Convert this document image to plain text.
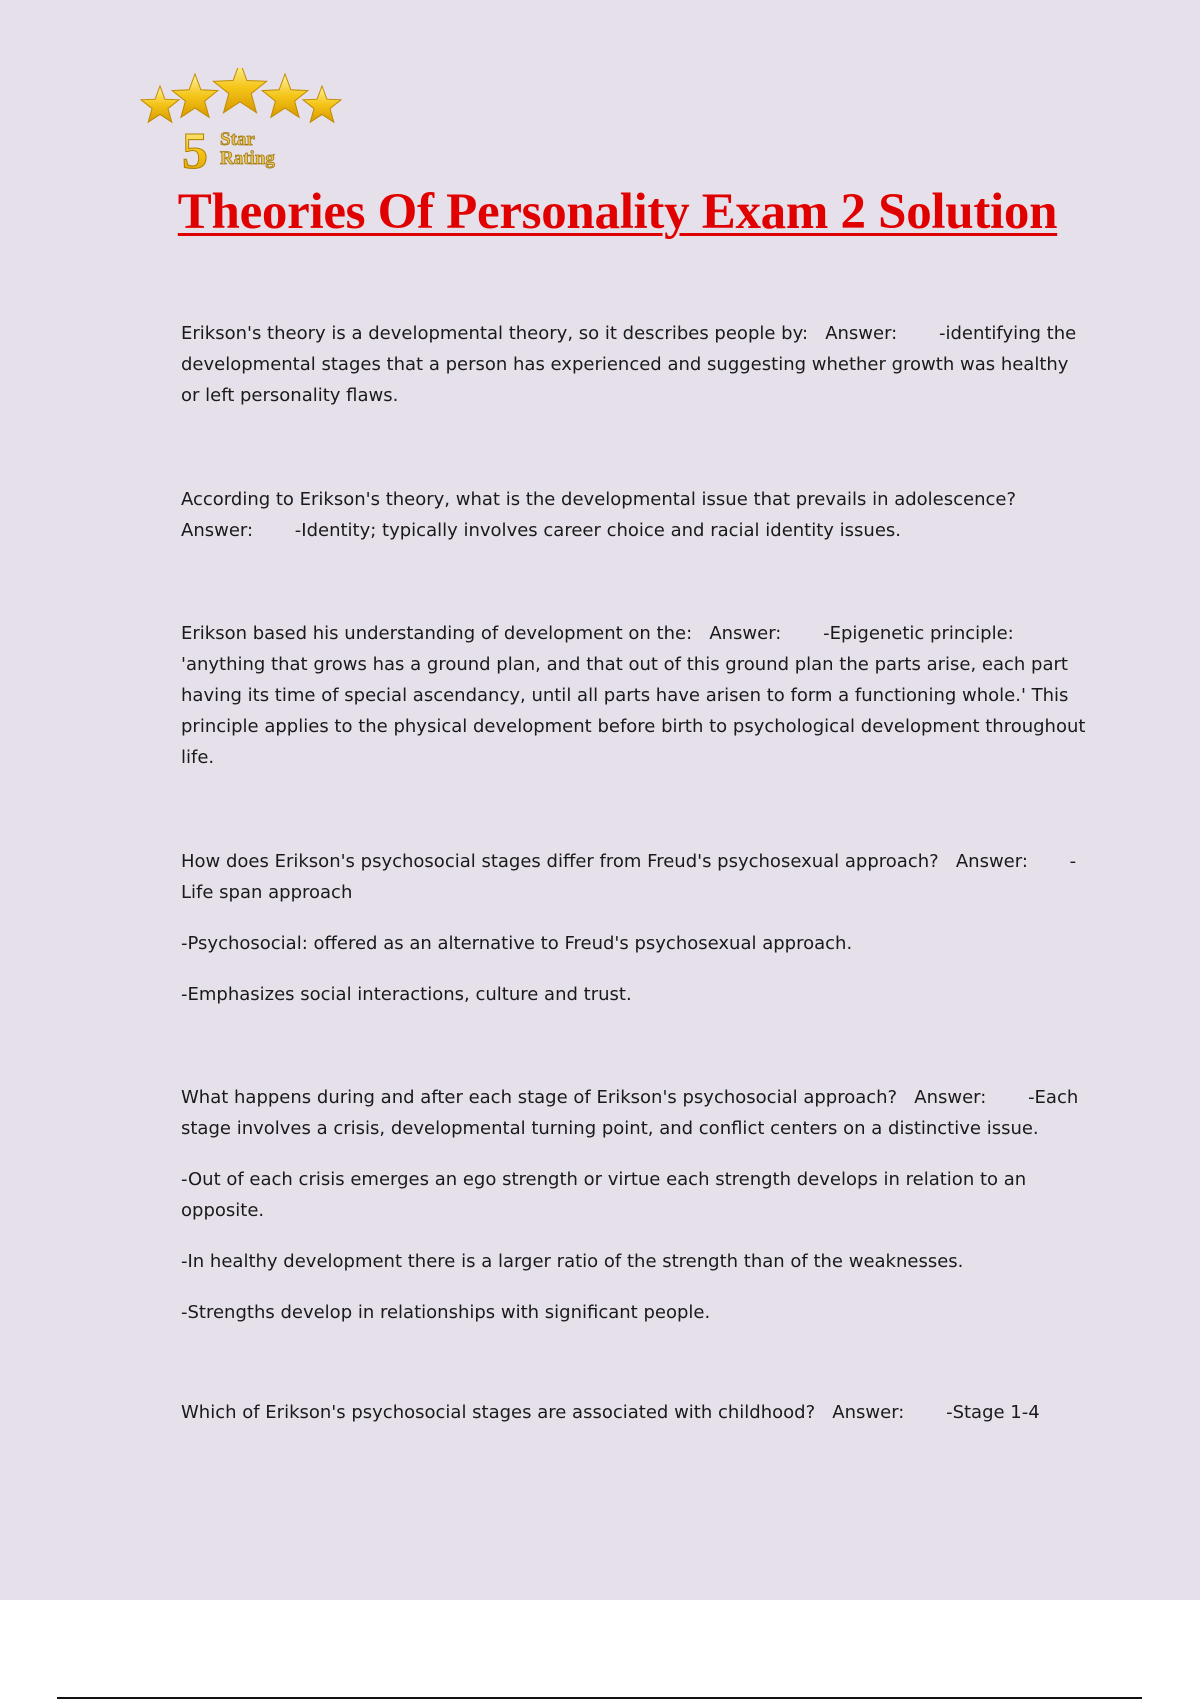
5 Star
Rating
Theories Of Personality Exam 2 Solution

Erikson's theory is a developmental theory, so it describes people by: Answer: -identifying the developmental stages that a person has experienced and suggesting whether growth was healthy or left personality flaws.

According to Erikson's theory, what is the developmental issue that prevails in adolescence?   Answer: -Identity; typically involves career choice and racial identity issues.

Erikson based his understanding of development on the: Answer: -Epigenetic principle: 'anything that grows has a ground plan, and that out of this ground plan the parts arise, each part having its time of special ascendancy, until all parts have arisen to form a functioning whole.' This principle applies to the physical development before birth to psychological development throughout life.

How does Erikson's psychosocial stages differ from Freud's psychosexual approach? Answer: -Life span approach

-Psychosocial: offered as an alternative to Freud's psychosexual approach.

-Emphasizes social interactions, culture and trust.

What happens during and after each stage of Erikson's psychosocial approach? Answer: -Each stage involves a crisis, developmental turning point, and conflict centers on a distinctive issue.

-Out of each crisis emerges an ego strength or virtue each strength develops in relation to an opposite.

-In healthy development there is a larger ratio of the strength than of the weaknesses.

-Strengths develop in relationships with significant people.

Which of Erikson's psychosocial stages are associated with childhood? Answer: -Stage 1-4
